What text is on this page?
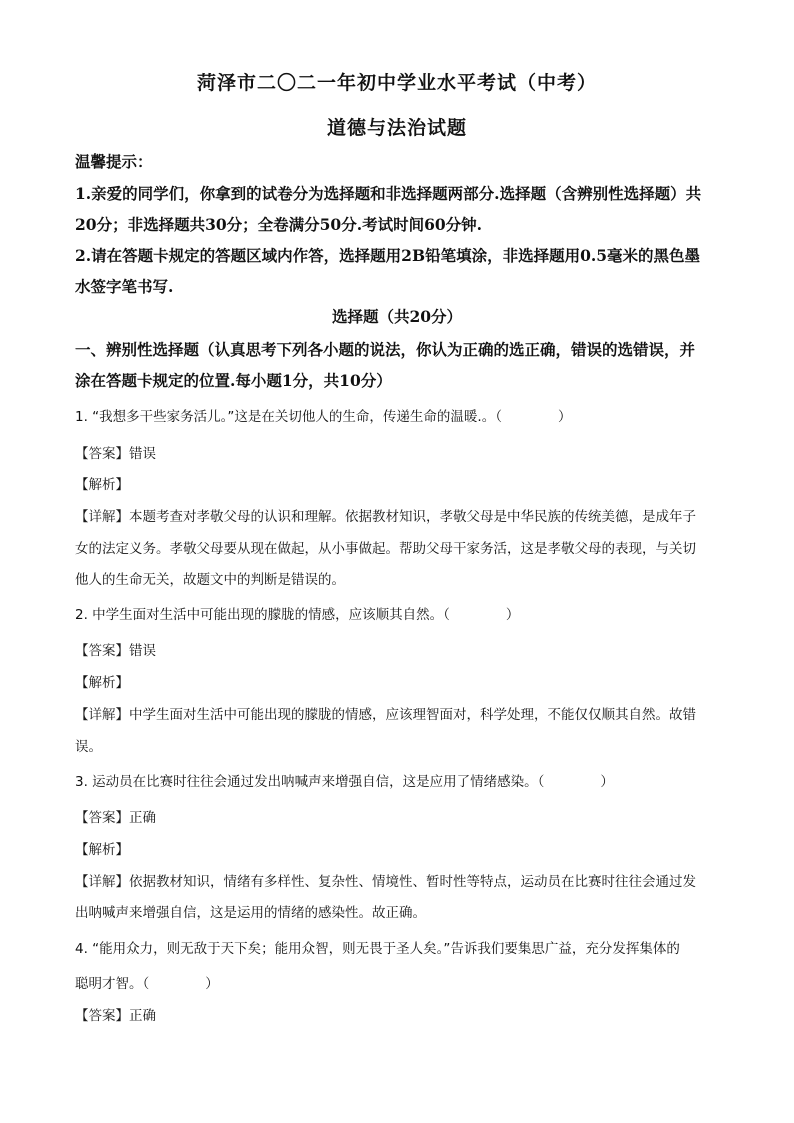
菏泽市二〇二一年初中学业水平考试（中考）
道德与法治试题
温馨提示：
1.亲爱的同学们，你拿到的试卷分为选择题和非选择题两部分.选择题（含辨别性选择题）共
20分；非选择题共30分；全卷满分50分.考试时间60分钟.
2.请在答题卡规定的答题区域内作答，选择题用2B铅笔填涂，非选择题用0.5毫米的黑色墨
水签字笔书写.
选择题（共20分）
一、辨别性选择题（认真思考下列各小题的说法，你认为正确的选正确，错误的选错误，并
涂在答题卡规定的位置.每小题1分，共10分）
1. “我想多干些家务活儿。”这是在关切他人的生命，传递生命的温暖.。（	）
【答案】错误
【解析】
【详解】本题考查对孝敬父母的认识和理解。依据教材知识，孝敬父母是中华民族的传统美德，是成年子
女的法定义务。孝敬父母要从现在做起，从小事做起。帮助父母干家务活，这是孝敬父母的表现，与关切
他人的生命无关，故题文中的判断是错误的。
2. 中学生面对生活中可能出现的朦胧的情感，应该顺其自然。（	）
【答案】错误
【解析】
【详解】中学生面对生活中可能出现的朦胧的情感，应该理智面对，科学处理，不能仅仅顺其自然。故错
误。
3. 运动员在比赛时往往会通过发出呐喊声来增强自信，这是应用了情绪感染。（	）
【答案】正确
【解析】
【详解】依据教材知识，情绪有多样性、复杂性、情境性、暂时性等特点，运动员在比赛时往往会通过发
出呐喊声来增强自信，这是运用的情绪的感染性。故正确。
4. “能用众力，则无敌于天下矣；能用众智，则无畏于圣人矣。”告诉我们要集思广益，充分发挥集体的
聪明才智。（	）
【答案】正确
